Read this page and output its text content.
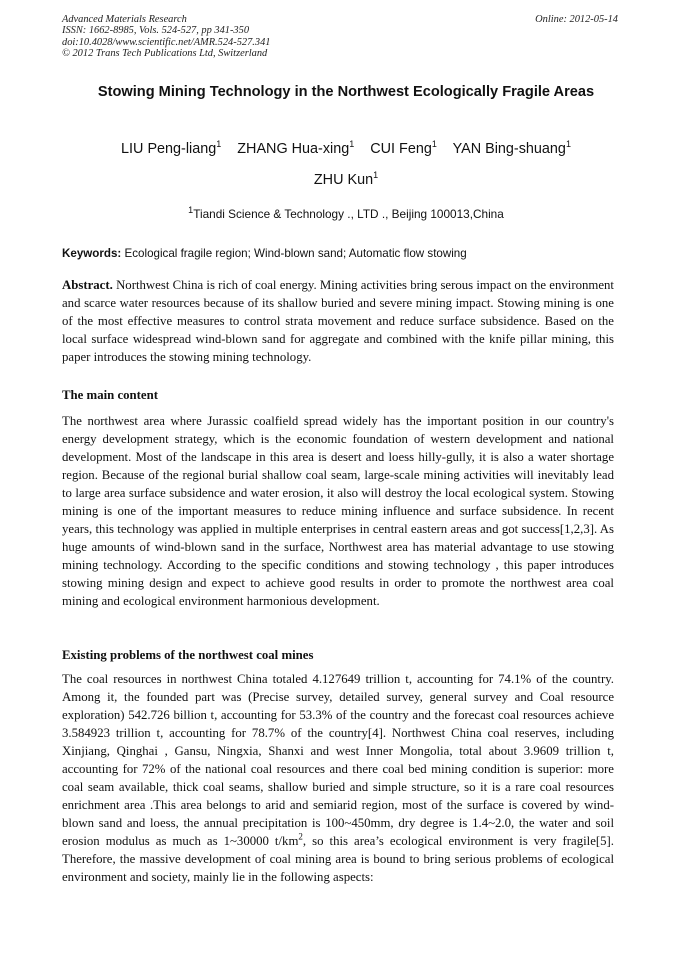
Advanced Materials Research
ISSN: 1662-8985, Vols. 524-527, pp 341-350
doi:10.4028/www.scientific.net/AMR.524-527.341
© 2012 Trans Tech Publications Ltd, Switzerland
Online: 2012-05-14
Stowing Mining Technology in the Northwest Ecologically Fragile Areas
LIU Peng-liang$^1$ ZHANG Hua-xing$^1$ CUI Feng$^1$ YAN Bing-shuang$^1$
ZHU Kun$^1$
$^1$Tiandi Science & Technology ., LTD ., Beijing 100013,China
Keywords: Ecological fragile region; Wind-blown sand; Automatic flow stowing
Abstract. Northwest China is rich of coal energy. Mining activities bring serous impact on the environment and scarce water resources because of its shallow buried and severe mining impact. Stowing mining is one of the most effective measures to control strata movement and reduce surface subsidence. Based on the local surface widespread wind-blown sand for aggregate and combined with the knife pillar mining, this paper introduces the stowing mining technology.
The main content
The northwest area where Jurassic coalfield spread widely has the important position in our country's energy development strategy, which is the economic foundation of western development and national development. Most of the landscape in this area is desert and loess hilly-gully, it is also a water shortage region. Because of the regional burial shallow coal seam, large-scale mining activities will inevitably lead to large area surface subsidence and water erosion, it also will destroy the local ecological system. Stowing mining is one of the important measures to reduce mining influence and surface subsidence. In recent years, this technology was applied in multiple enterprises in central eastern areas and got success[1,2,3]. As huge amounts of wind-blown sand in the surface, Northwest area has material advantage to use stowing mining technology. According to the specific conditions and stowing technology , this paper introduces stowing mining design and expect to achieve good results in order to promote the northwest area coal mining and ecological environment harmonious development.
Existing problems of the northwest coal mines
The coal resources in northwest China totaled 4.127649 trillion t, accounting for 74.1% of the country. Among it, the founded part was (Precise survey, detailed survey, general survey and Coal resource exploration) 542.726 billion t, accounting for 53.3% of the country and the forecast coal resources achieve 3.584923 trillion t, accounting for 78.7% of the country[4]. Northwest China coal reserves, including Xinjiang, Qinghai , Gansu, Ningxia, Shanxi and west Inner Mongolia, total about 3.9609 trillion t, accounting for 72% of the national coal resources and there coal bed mining condition is superior: more coal seam available, thick coal seams, shallow buried and simple structure, so it is a rare coal resources enrichment area .This area belongs to arid and semiarid region, most of the surface is covered by wind-blown sand and loess, the annual precipitation is 100~450mm, dry degree is 1.4~2.0, the water and soil erosion modulus as much as 1~30000 $t/km^2$, so this area’s ecological environment is very fragile[5]. Therefore, the massive development of coal mining area is bound to bring serious problems of ecological environment and society, mainly lie in the following aspects:
